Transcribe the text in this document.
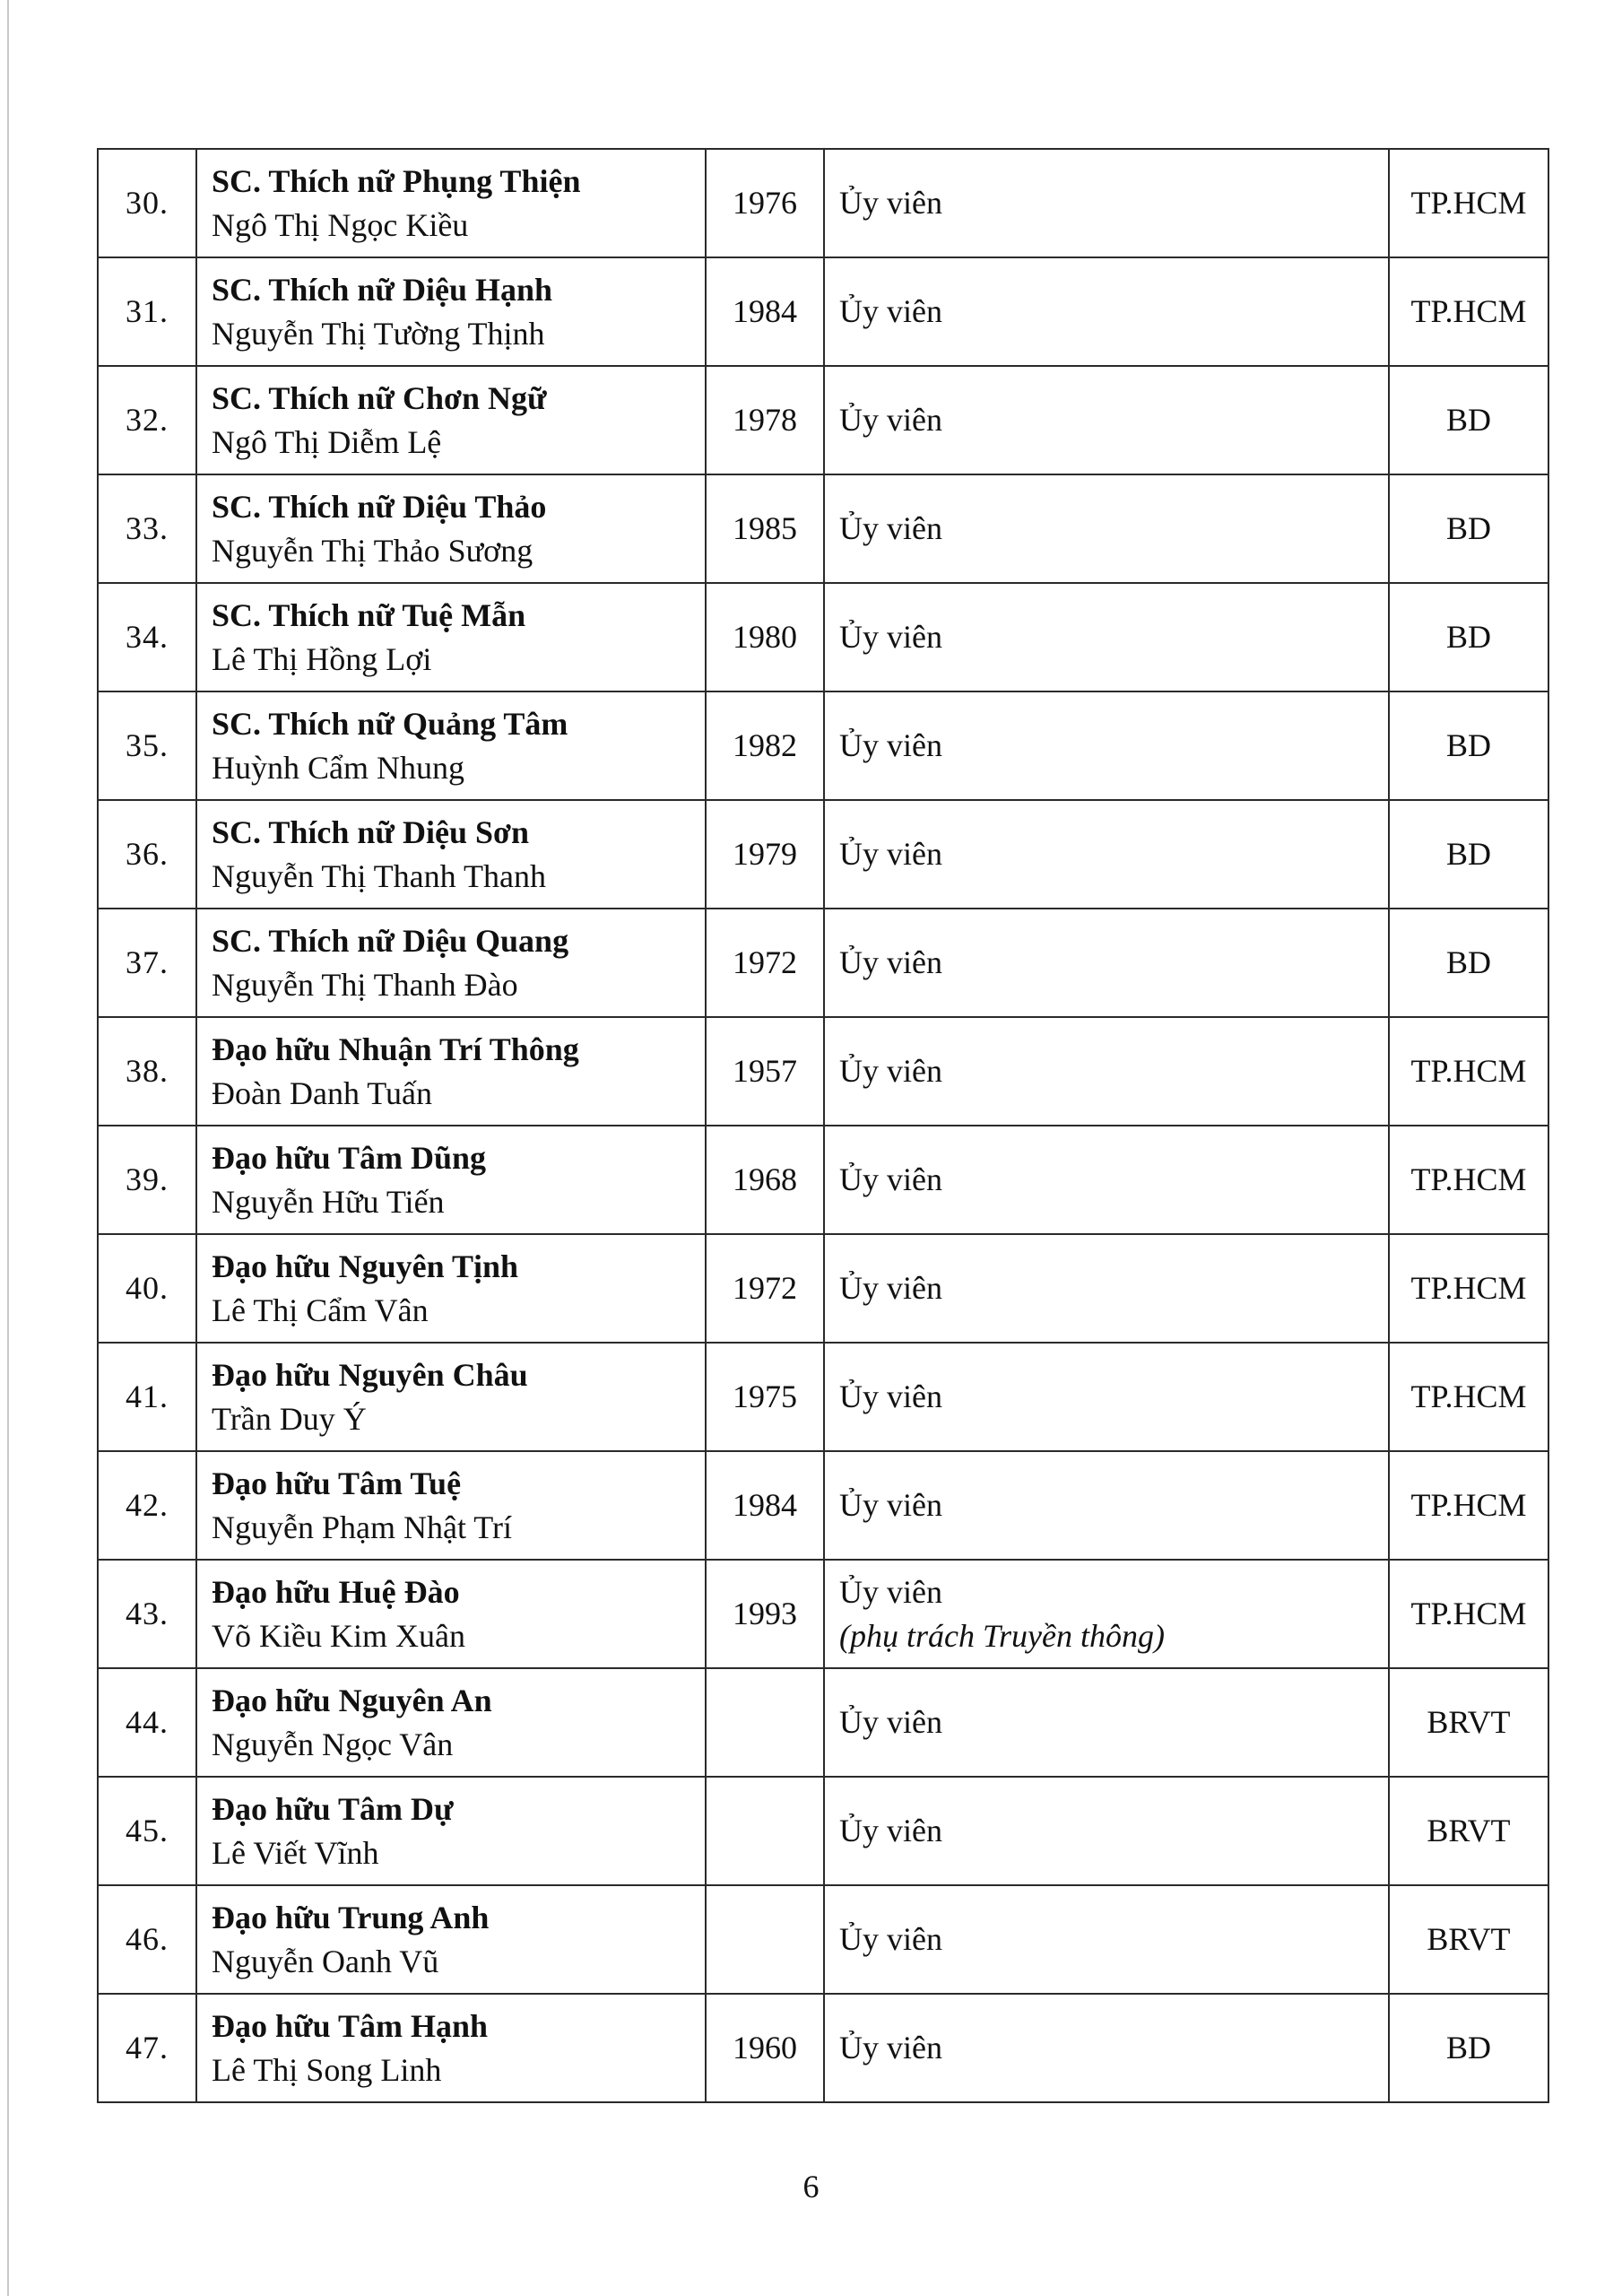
30.	SC. Thích nữ Phụng Thiện
Ngô Thị Ngọc Kiều	1976	Ủy viên	TP.HCM
31.	SC. Thích nữ Diệu Hạnh
Nguyễn Thị Tường Thịnh	1984	Ủy viên	TP.HCM
32.	SC. Thích nữ Chơn Ngữ
Ngô Thị Diễm Lệ	1978	Ủy viên	BD
33.	SC. Thích nữ Diệu Thảo
Nguyễn Thị Thảo Sương	1985	Ủy viên	BD
34.	SC. Thích nữ Tuệ Mẫn
Lê Thị Hồng Lợi	1980	Ủy viên	BD
35.	SC. Thích nữ Quảng Tâm
Huỳnh Cẩm Nhung	1982	Ủy viên	BD
36.	SC. Thích nữ Diệu Sơn
Nguyễn Thị Thanh Thanh	1979	Ủy viên	BD
37.	SC. Thích nữ Diệu Quang
Nguyễn Thị Thanh Đào	1972	Ủy viên	BD
38.	Đạo hữu Nhuận Trí Thông
Đoàn Danh Tuấn	1957	Ủy viên	TP.HCM
39.	Đạo hữu Tâm Dũng
Nguyễn Hữu Tiến	1968	Ủy viên	TP.HCM
40.	Đạo hữu Nguyên Tịnh
Lê Thị Cẩm Vân	1972	Ủy viên	TP.HCM
41.	Đạo hữu Nguyên Châu
Trần Duy Ý	1975	Ủy viên	TP.HCM
42.	Đạo hữu Tâm Tuệ
Nguyễn Phạm Nhật Trí	1984	Ủy viên	TP.HCM
43.	Đạo hữu Huệ Đào
Võ Kiều Kim Xuân	1993	Ủy viên
(phụ trách Truyền thông)	TP.HCM
44.	Đạo hữu Nguyên An
Nguyễn Ngọc Vân		Ủy viên	BRVT
45.	Đạo hữu Tâm Dự
Lê Viết Vĩnh		Ủy viên	BRVT
46.	Đạo hữu Trung Anh
Nguyễn Oanh Vũ		Ủy viên	BRVT
47.	Đạo hữu Tâm Hạnh
Lê Thị Song Linh	1960	Ủy viên	BD
6
